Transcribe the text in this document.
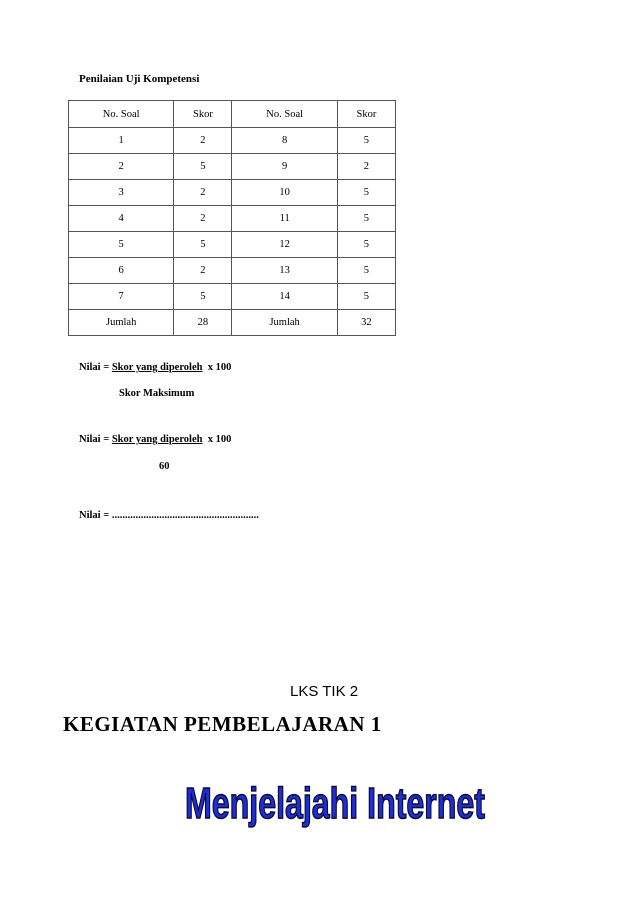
Penilaian Uji Kompetensi
No. Soal	Skor	No. Soal	Skor
1	2	8	5
2	5	9	2
3	2	10	5
4	2	11	5
5	5	12	5
6	2	13	5
7	5	14	5
Jumlah	28	Jumlah	32
Nilai = Skor yang diperoleh  x 100
Skor Maksimum
Nilai = Skor yang diperoleh  x 100
60
Nilai = ........................................................
LKS TIK 2
KEGIATAN PEMBELAJARAN 1
Menjelajahi Internet
